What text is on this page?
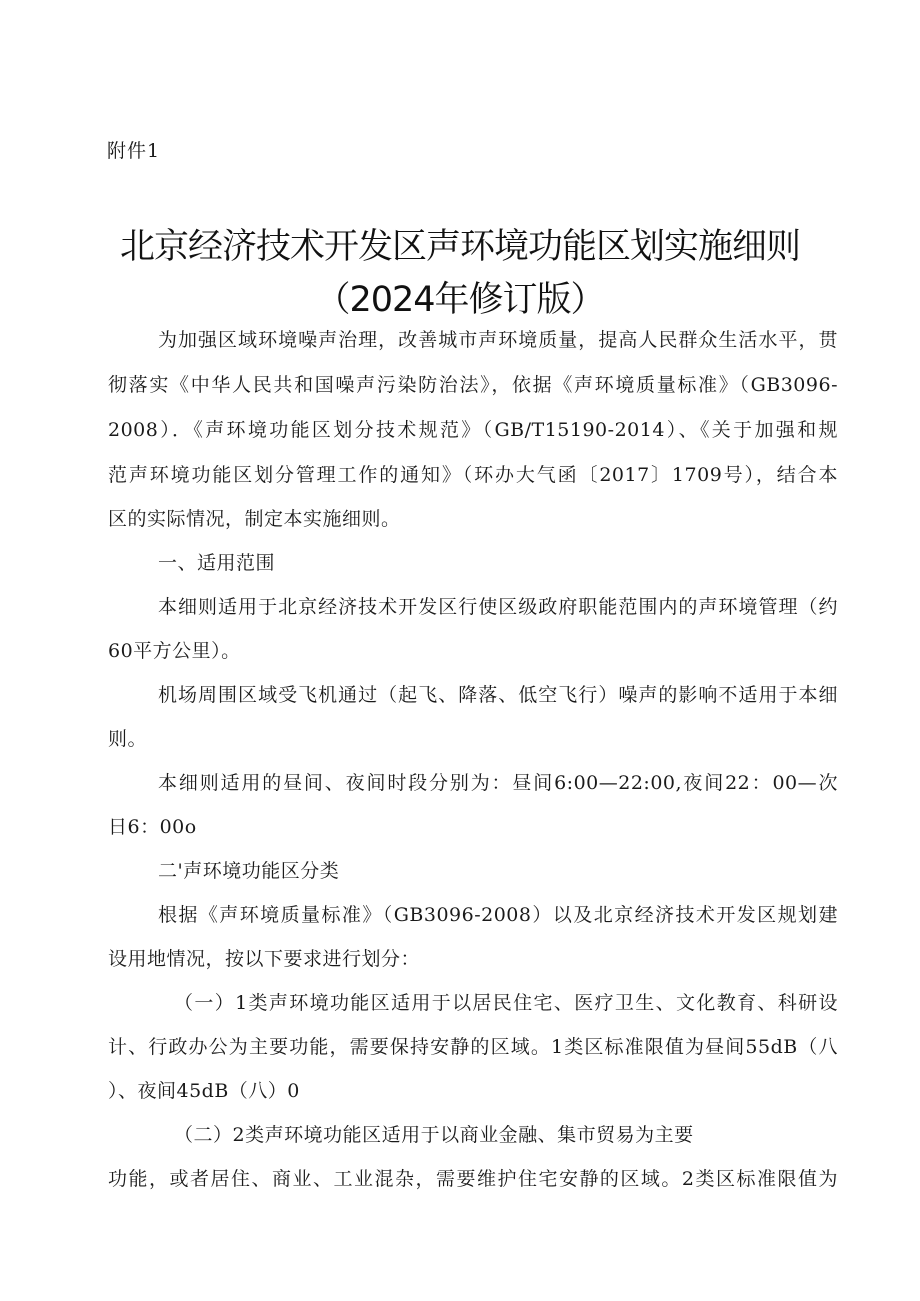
附件1
北京经济技术开发区声环境功能区划实施细则
（2024年修订版）
为加强区域环境噪声治理，改善城市声环境质量，提高人民群众生活水平，贯
彻落实《中华人民共和国噪声污染防治法》，依据《声环境质量标准》（GB3096-
2008）．《声环境功能区划分技术规范》（GB/T15190-2014）、《关于加强和规
范声环境功能区划分管理工作的通知》（环办大气函〔2017〕1709号），结合本
区的实际情况，制定本实施细则。
一、适用范围
本细则适用于北京经济技术开发区行使区级政府职能范围内的声环境管理（约
60平方公里）。
机场周围区域受飞机通过（起飞、降落、低空飞行）噪声的影响不适用于本细
则。
本细则适用的昼间、夜间时段分别为：昼间6:00—22:00,夜间22：00—次
日6：00o
二'声环境功能区分类
根据《声环境质量标准》（GB3096-2008）以及北京经济技术开发区规划建
设用地情况，按以下要求进行划分：
（一）1类声环境功能区适用于以居民住宅、医疗卫生、文化教育、科研设
计、行政办公为主要功能，需要保持安静的区域。1类区标准限值为昼间55dB（八
）、夜间45dB（八）0
（二）2类声环境功能区适用于以商业金融、集市贸易为主要
功能，或者居住、商业、工业混杂，需要维护住宅安静的区域。2类区标准限值为
